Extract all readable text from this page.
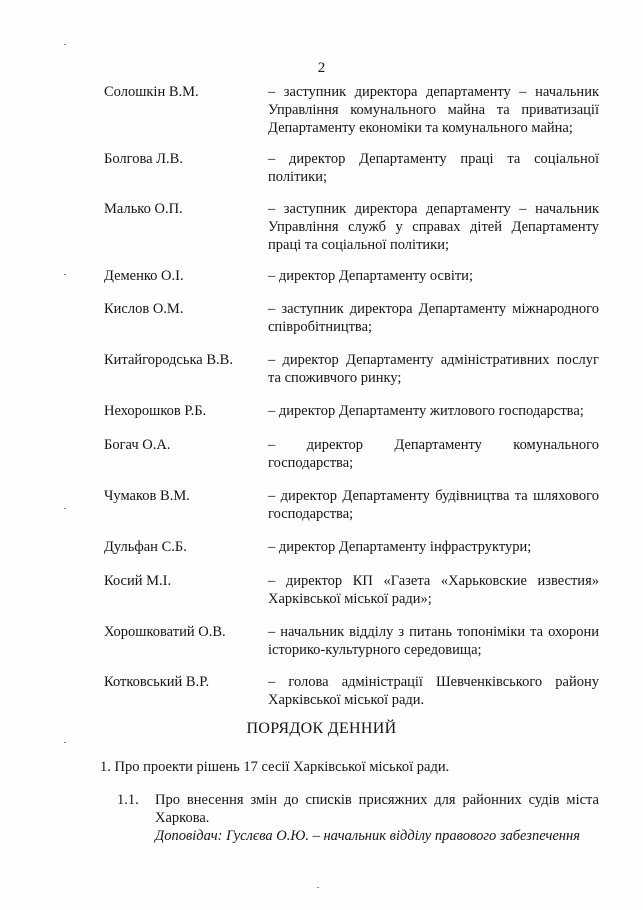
2
Солошкін В.М.	– заступник директора департаменту – начальник Управління комунального майна та приватизації Департаменту економіки та комунального майна;
Болгова Л.В.	– директор Департаменту праці та соціальної політики;
Малько О.П.	– заступник директора департаменту – начальник Управління служб у справах дітей Департаменту праці та соціальної політики;
Деменко О.І.	– директор Департаменту освіти;
Кислов О.М.	– заступник директора Департаменту міжнародного співробітництва;
Китайгородська В.В. – директор Департаменту адміністративних послуг та споживчого ринку;
Нехорошков Р.Б.	– директор Департаменту житлового господарства;
Богач О.А.	– директор Департаменту комунального господарства;
Чумаков В.М.	– директор Департаменту будівництва та шляхового господарства;
Дульфан С.Б.	– директор Департаменту інфраструктури;
Косий М.І.	– директор КП «Газета «Харьковские известия» Харківської міської ради»;
Хорошковатий О.В.	– начальник відділу з питань топоніміки та охорони історико-культурного середовища;
Котковський В.Р.	– голова адміністрації Шевченківського району Харківської міської ради.
ПОРЯДОК ДЕННИЙ
1. Про проекти рішень 17 сесії Харківської міської ради.
1.1. Про внесення змін до списків присяжних для районних судів міста Харкова.
Доповідач: Гуслєва О.Ю. – начальник відділу правового забезпечення
